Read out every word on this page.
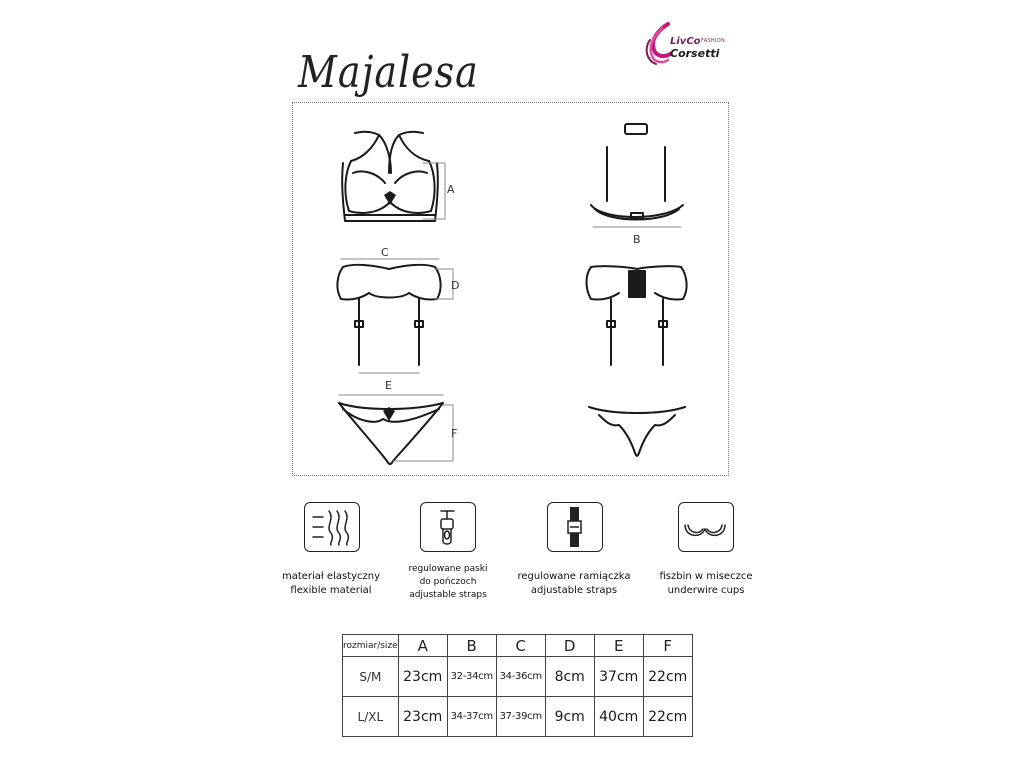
LivCo FASHION
Corsetti
Majalesa
A
B
C
D
E
F
materiał elastyczny
flexible material
regulowane paski
do pończoch
adjustable straps
regulowane ramiączka
adjustable straps
fiszbin w miseczce
underwire cups
rozmiar/size	A	B	C	D	E	F
S/M	23cm	32-34cm	34-36cm	8cm	37cm	22cm
L/XL	23cm	34-37cm	37-39cm	9cm	40cm	22cm
